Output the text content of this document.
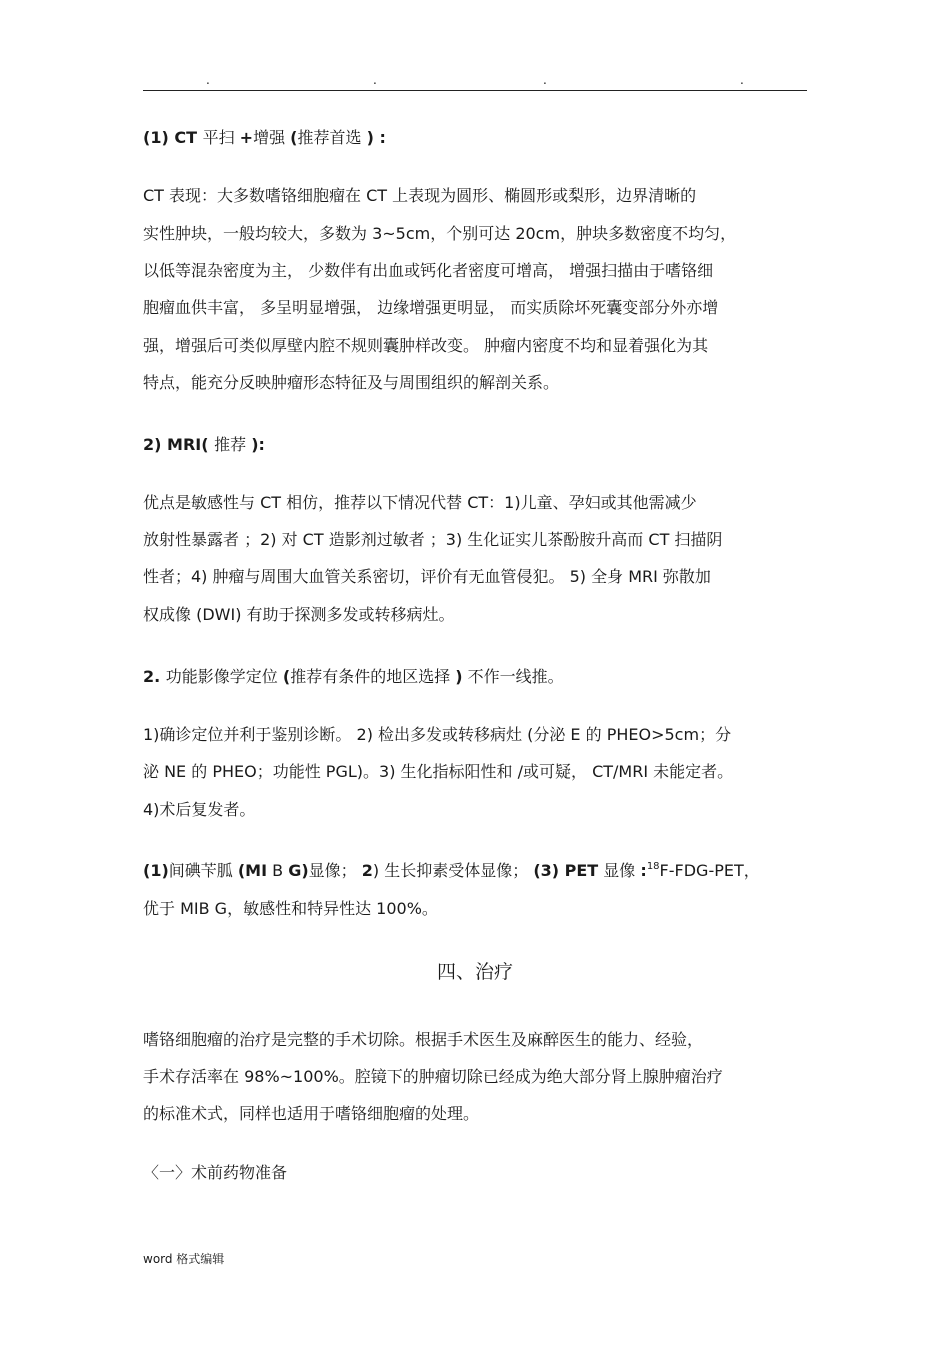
.	.	.	.
(1) CT 平扫 +增强 (推荐首选 ) :
CT 表现：大多数嗜铬细胞瘤在 CT 上表现为圆形、椭圆形或梨形，边界清晰的
实性肿块，一般均较大，多数为 3~5cm，个别可达 20cm，肿块多数密度不均匀，
以低等混杂密度为主， 少数伴有出血或钙化者密度可增高， 增强扫描由于嗜铬细
胞瘤血供丰富， 多呈明显增强， 边缘增强更明显， 而实质除坏死囊变部分外亦增
强，增强后可类似厚壁内腔不规则囊肿样改变。 肿瘤内密度不均和显着强化为其
特点，能充分反映肿瘤形态特征及与周围组织的解剖关系。
2) MRI( 推荐 ):
优点是敏感性与 CT 相仿，推荐以下情况代替 CT：1)儿童、孕妇或其他需减少
放射性暴露者 ；2) 对 CT 造影剂过敏者 ；3) 生化证实儿茶酚胺升高而 CT 扫描阴
性者；4) 肿瘤与周围大血管关系密切，评价有无血管侵犯。 5) 全身 MRI 弥散加
权成像 (DWI) 有助于探测多发或转移病灶。
2. 功能影像学定位 (推荐有条件的地区选择 ) 不作一线推。
1)确诊定位并利于鉴别诊断。 2) 检出多发或转移病灶 (分泌 E 的 PHEO>5cm；分
泌 NE 的 PHEO；功能性 PGL)。3) 生化指标阳性和 /或可疑， CT/MRI 未能定者。
4)术后复发者。
(1)间碘苄胍 (MI B G)显像； 2) 生长抑素受体显像； (3) PET 显像 :$^{18}$F-FDG-PET，
优于 MIB G，敏感性和特异性达 100%。
四、治疗
嗜铬细胞瘤的治疗是完整的手术切除。根据手术医生及麻醉医生的能力、经验，
手术存活率在 98%~100%。腔镜下的肿瘤切除已经成为绝大部分肾上腺肿瘤治疗
的标准术式，同样也适用于嗜铬细胞瘤的处理。
〈一〉术前药物准备
word 格式编辑
